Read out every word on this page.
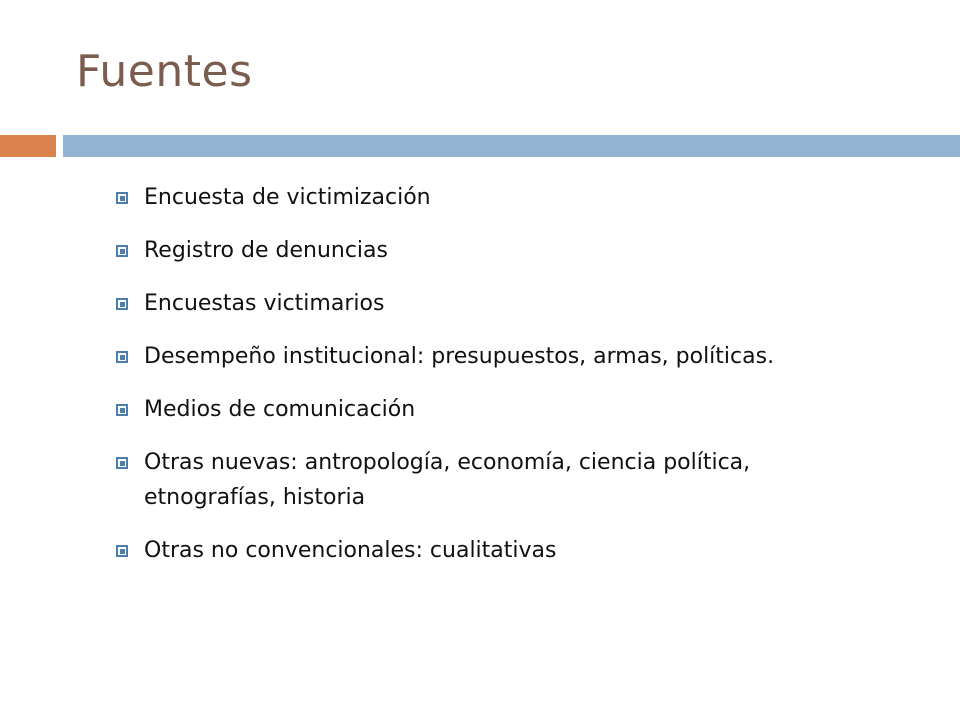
Fuentes
Encuesta de victimización
Registro de denuncias
Encuestas victimarios
Desempeño institucional: presupuestos, armas, políticas.
Medios de comunicación
Otras nuevas: antropología, economía, ciencia política, etnografías, historia
Otras no convencionales: cualitativas
